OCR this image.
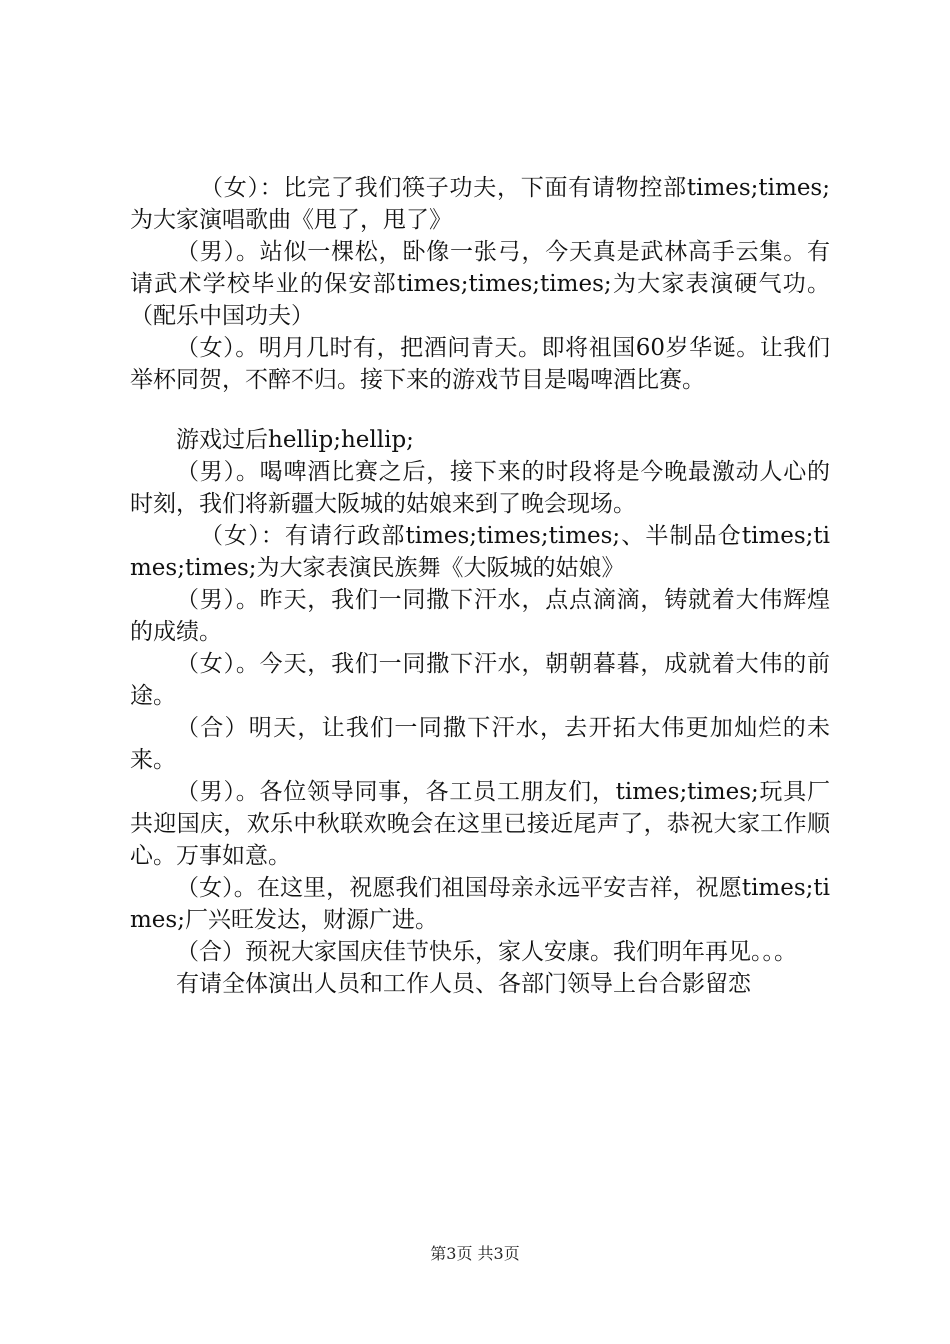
（女）：比完了我们筷子功夫，下面有请物控部times;times;为大家演唱歌曲《甩了，甩了》

（男）。站似一棵松，卧像一张弓，今天真是武林高手云集。有请武术学校毕业的保安部times;times;times;为大家表演硬气功。（配乐中国功夫）

（女）。明月几时有，把酒问青天。即将祖国60岁华诞。让我们举杯同贺，不醉不归。接下来的游戏节目是喝啤酒比赛。

游戏过后hellip;hellip;

（男）。喝啤酒比赛之后，接下来的时段将是今晚最激动人心的时刻，我们将新疆大阪城的姑娘来到了晚会现场。

（女）：有请行政部times;times;times;、半制品仓times;times;times;为大家表演民族舞《大阪城的姑娘》

（男）。昨天，我们一同撒下汗水，点点滴滴，铸就着大伟辉煌的成绩。

（女）。今天，我们一同撒下汗水，朝朝暮暮，成就着大伟的前途。

（合）明天，让我们一同撒下汗水，去开拓大伟更加灿烂的未来。

（男）。各位领导同事，各工员工朋友们，times;times;玩具厂共迎国庆，欢乐中秋联欢晚会在这里已接近尾声了，恭祝大家工作顺心。万事如意。

（女）。在这里，祝愿我们祖国母亲永远平安吉祥，祝愿times;times;厂兴旺发达，财源广进。

（合）预祝大家国庆佳节快乐，家人安康。我们明年再见。。。

有请全体演出人员和工作人员、各部门领导上台合影留恋

第3页 共3页
